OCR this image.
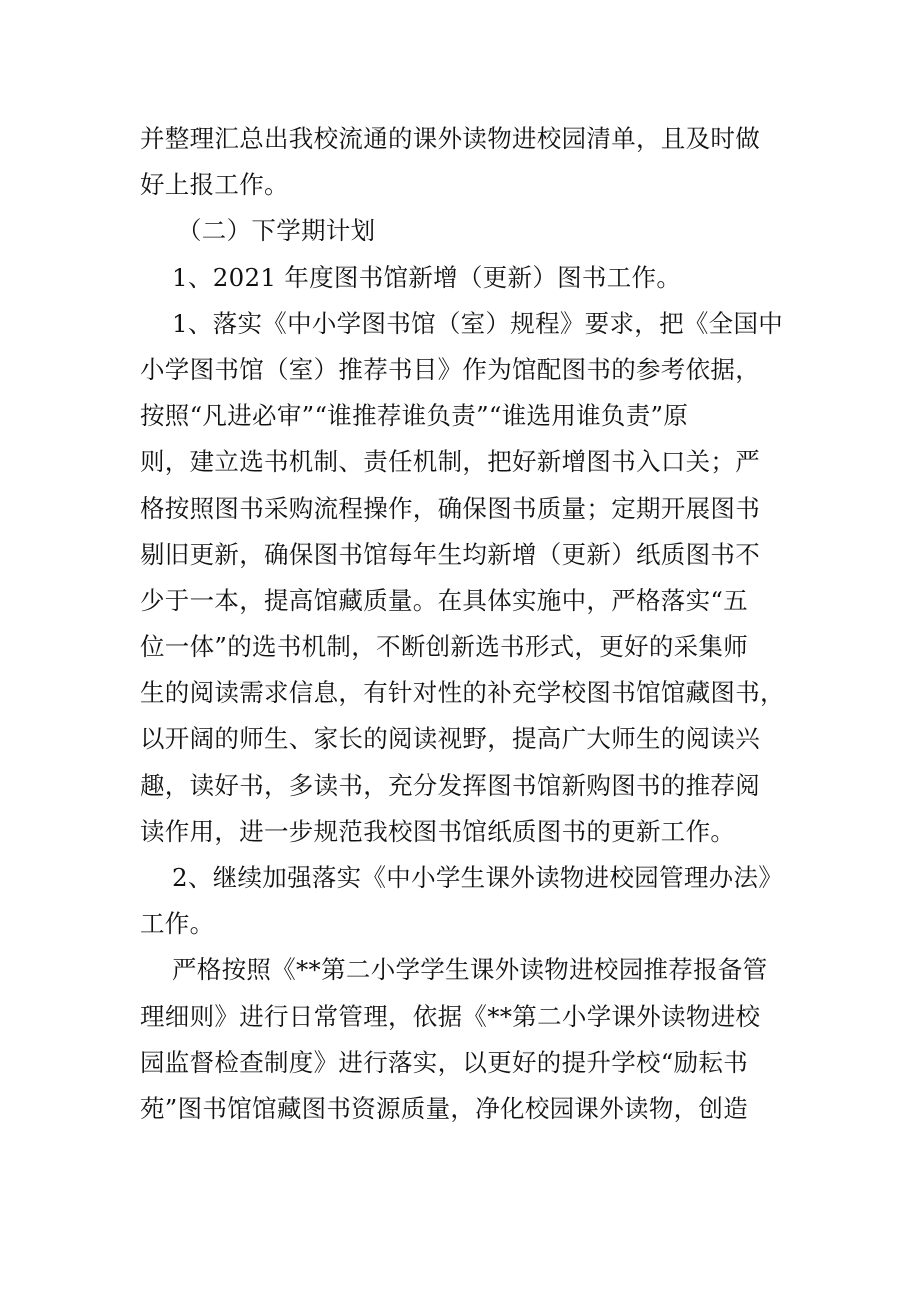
并整理汇总出我校流通的课外读物进校园清单，且及时做
好上报工作。
（二）下学期计划
1、2021 年度图书馆新增（更新）图书工作。
1、落实《中小学图书馆（室）规程》要求，把《全国中
小学图书馆（室）推荐书目》作为馆配图书的参考依据，
按照“凡进必审”“谁推荐谁负责”“谁选用谁负责”原
则，建立选书机制、责任机制，把好新增图书入口关；严
格按照图书采购流程操作，确保图书质量；定期开展图书
剔旧更新，确保图书馆每年生均新增（更新）纸质图书不
少于一本，提高馆藏质量。在具体实施中，严格落实“五
位一体”的选书机制，不断创新选书形式，更好的采集师
生的阅读需求信息，有针对性的补充学校图书馆馆藏图书，
以开阔的师生、家长的阅读视野，提高广大师生的阅读兴
趣，读好书，多读书，充分发挥图书馆新购图书的推荐阅
读作用，进一步规范我校图书馆纸质图书的更新工作。
2、继续加强落实《中小学生课外读物进校园管理办法》
工作。
严格按照《**第二小学学生课外读物进校园推荐报备管
理细则》进行日常管理，依据《**第二小学课外读物进校
园监督检查制度》进行落实，以更好的提升学校“励耘书
苑”图书馆馆藏图书资源质量，净化校园课外读物，创造
